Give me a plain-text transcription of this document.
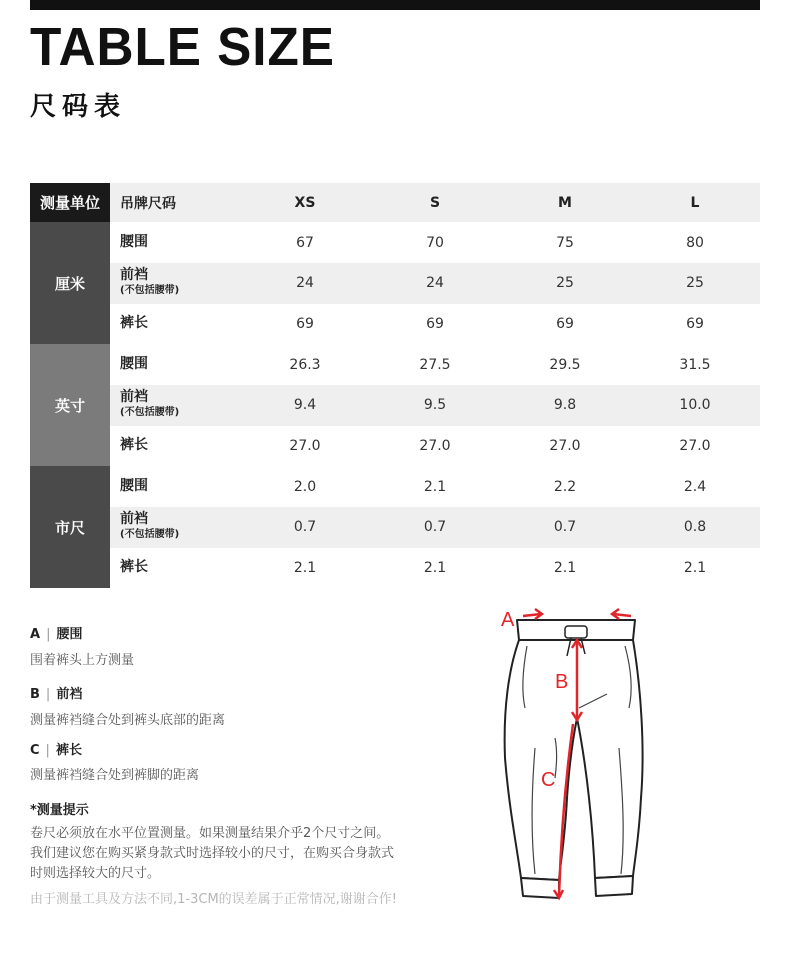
TABLE SIZE
尺码表
测量单位	吊牌尺码	XS	S	M	L
厘米
腰围	67	70	75	80
前裆
(不包括腰带)	24	24	25	25
裤长	69	69	69	69
英寸
腰围	26.3	27.5	29.5	31.5
前裆
(不包括腰带)	9.4	9.5	9.8	10.0
裤长	27.0	27.0	27.0	27.0
市尺
腰围	2.0	2.1	2.2	2.4
前裆
(不包括腰带)	0.7	0.7	0.7	0.8
裤长	2.1	2.1	2.1	2.1
A | 腰围
围着裤头上方测量
B | 前裆
测量裤裆缝合处到裤头底部的距离
C | 裤长
测量裤裆缝合处到裤脚的距离
*测量提示
卷尺必须放在水平位置测量。如果测量结果介乎2个尺寸之间。
我们建议您在购买紧身款式时选择较小的尺寸，在购买合身款式
时则选择较大的尺寸。
由于测量工具及方法不同,1-3CM的误差属于正常情况,谢谢合作!
A
B
C
